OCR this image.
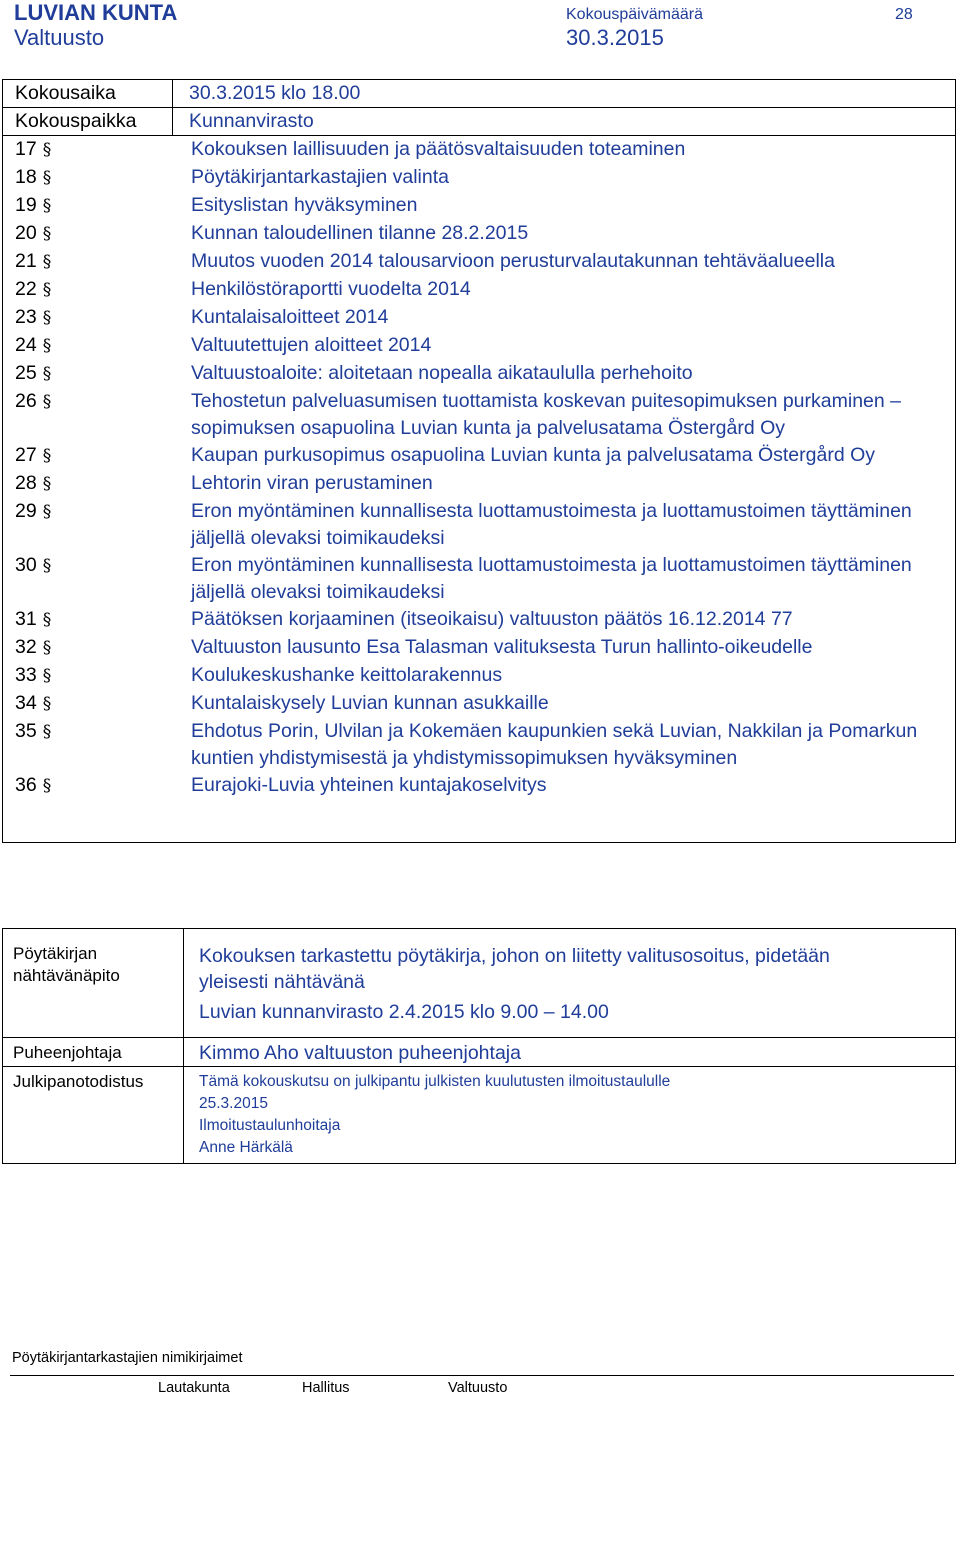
LUVIAN KUNTA
Valtuusto
Kokouspäivämäärä
30.3.2015
28
Kokousaika	30.3.2015 klo 18.00
Kokouspaikka	Kunnanvirasto
17 §	Kokouksen laillisuuden ja päätösvaltaisuuden toteaminen
18 §	Pöytäkirjantarkastajien valinta
19 §	Esityslistan hyväksyminen
20 §	Kunnan taloudellinen tilanne 28.2.2015
21 §	Muutos vuoden 2014 talousarvioon perusturvalautakunnan tehtäväalueella
22 §	Henkilöstöraportti vuodelta 2014
23 §	Kuntalaisaloitteet 2014
24 §	Valtuutettujen aloitteet 2014
25 §	Valtuustoaloite: aloitetaan nopealla aikataululla perhehoito
26 §	Tehostetun palveluasumisen tuottamista koskevan puitesopimuksen purkaminen – sopimuksen osapuolina Luvian kunta ja palvelusatama Östergård Oy
27 §	Kaupan purkusopimus osapuolina Luvian kunta ja palvelusatama Östergård Oy
28 §	Lehtorin viran perustaminen
29 §	Eron myöntäminen kunnallisesta luottamustoimesta ja luottamustoimen täyttäminen jäljellä olevaksi toimikaudeksi
30 §	Eron myöntäminen kunnallisesta luottamustoimesta ja luottamustoimen täyttäminen jäljellä olevaksi toimikaudeksi
31 §	Päätöksen korjaaminen (itseoikaisu) valtuuston päätös 16.12.2014 77
32 §	Valtuuston lausunto Esa Talasman valituksesta Turun hallinto-oikeudelle
33 §	Koulukeskushanke keittolarakennus
34 §	Kuntalaiskysely Luvian kunnan asukkaille
35 §	Ehdotus Porin, Ulvilan ja Kokemäen kaupunkien sekä Luvian, Nakkilan ja Pomarkun kuntien yhdistymisestä ja yhdistymissopimuksen hyväksyminen
36 §	Eurajoki-Luvia yhteinen kuntajakoselvitys
Pöytäkirjan nähtävänäpito	Kokouksen tarkastettu pöytäkirja, johon on liitetty valitusosoitus, pidetään yleisesti nähtävänä
Luvian kunnanvirasto 2.4.2015 klo 9.00 – 14.00

Puheenjohtaja	Kimmo Aho valtuuston puheenjohtaja

Julkipanotodistus	Tämä kokouskutsu on julkipantu julkisten kuulutusten ilmoitustaululle
25.3.2015
Ilmoitustaulunhoitaja
Anne Härkälä
Pöytäkirjantarkastajien nimikirjaimet
Lautakunta	Hallitus	Valtuusto
